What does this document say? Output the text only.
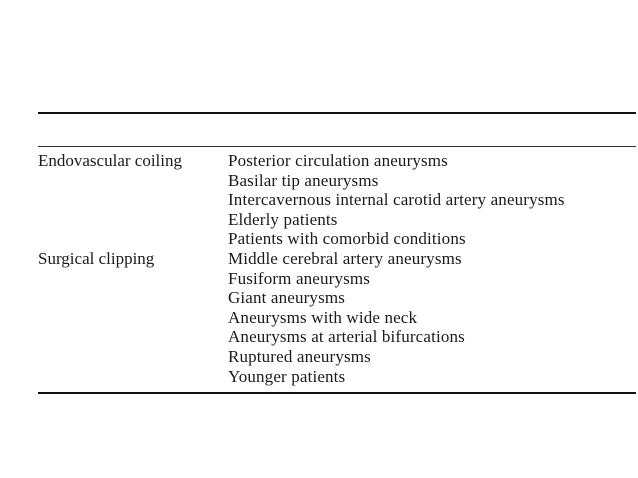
Endovascular coiling	Posterior circulation aneurysms
Basilar tip aneurysms
Intercavernous internal carotid artery aneurysms
Elderly patients
Patients with comorbid conditions
Surgical clipping	Middle cerebral artery aneurysms
Fusiform aneurysms
Giant aneurysms
Aneurysms with wide neck
Aneurysms at arterial bifurcations
Ruptured aneurysms
Younger patients
